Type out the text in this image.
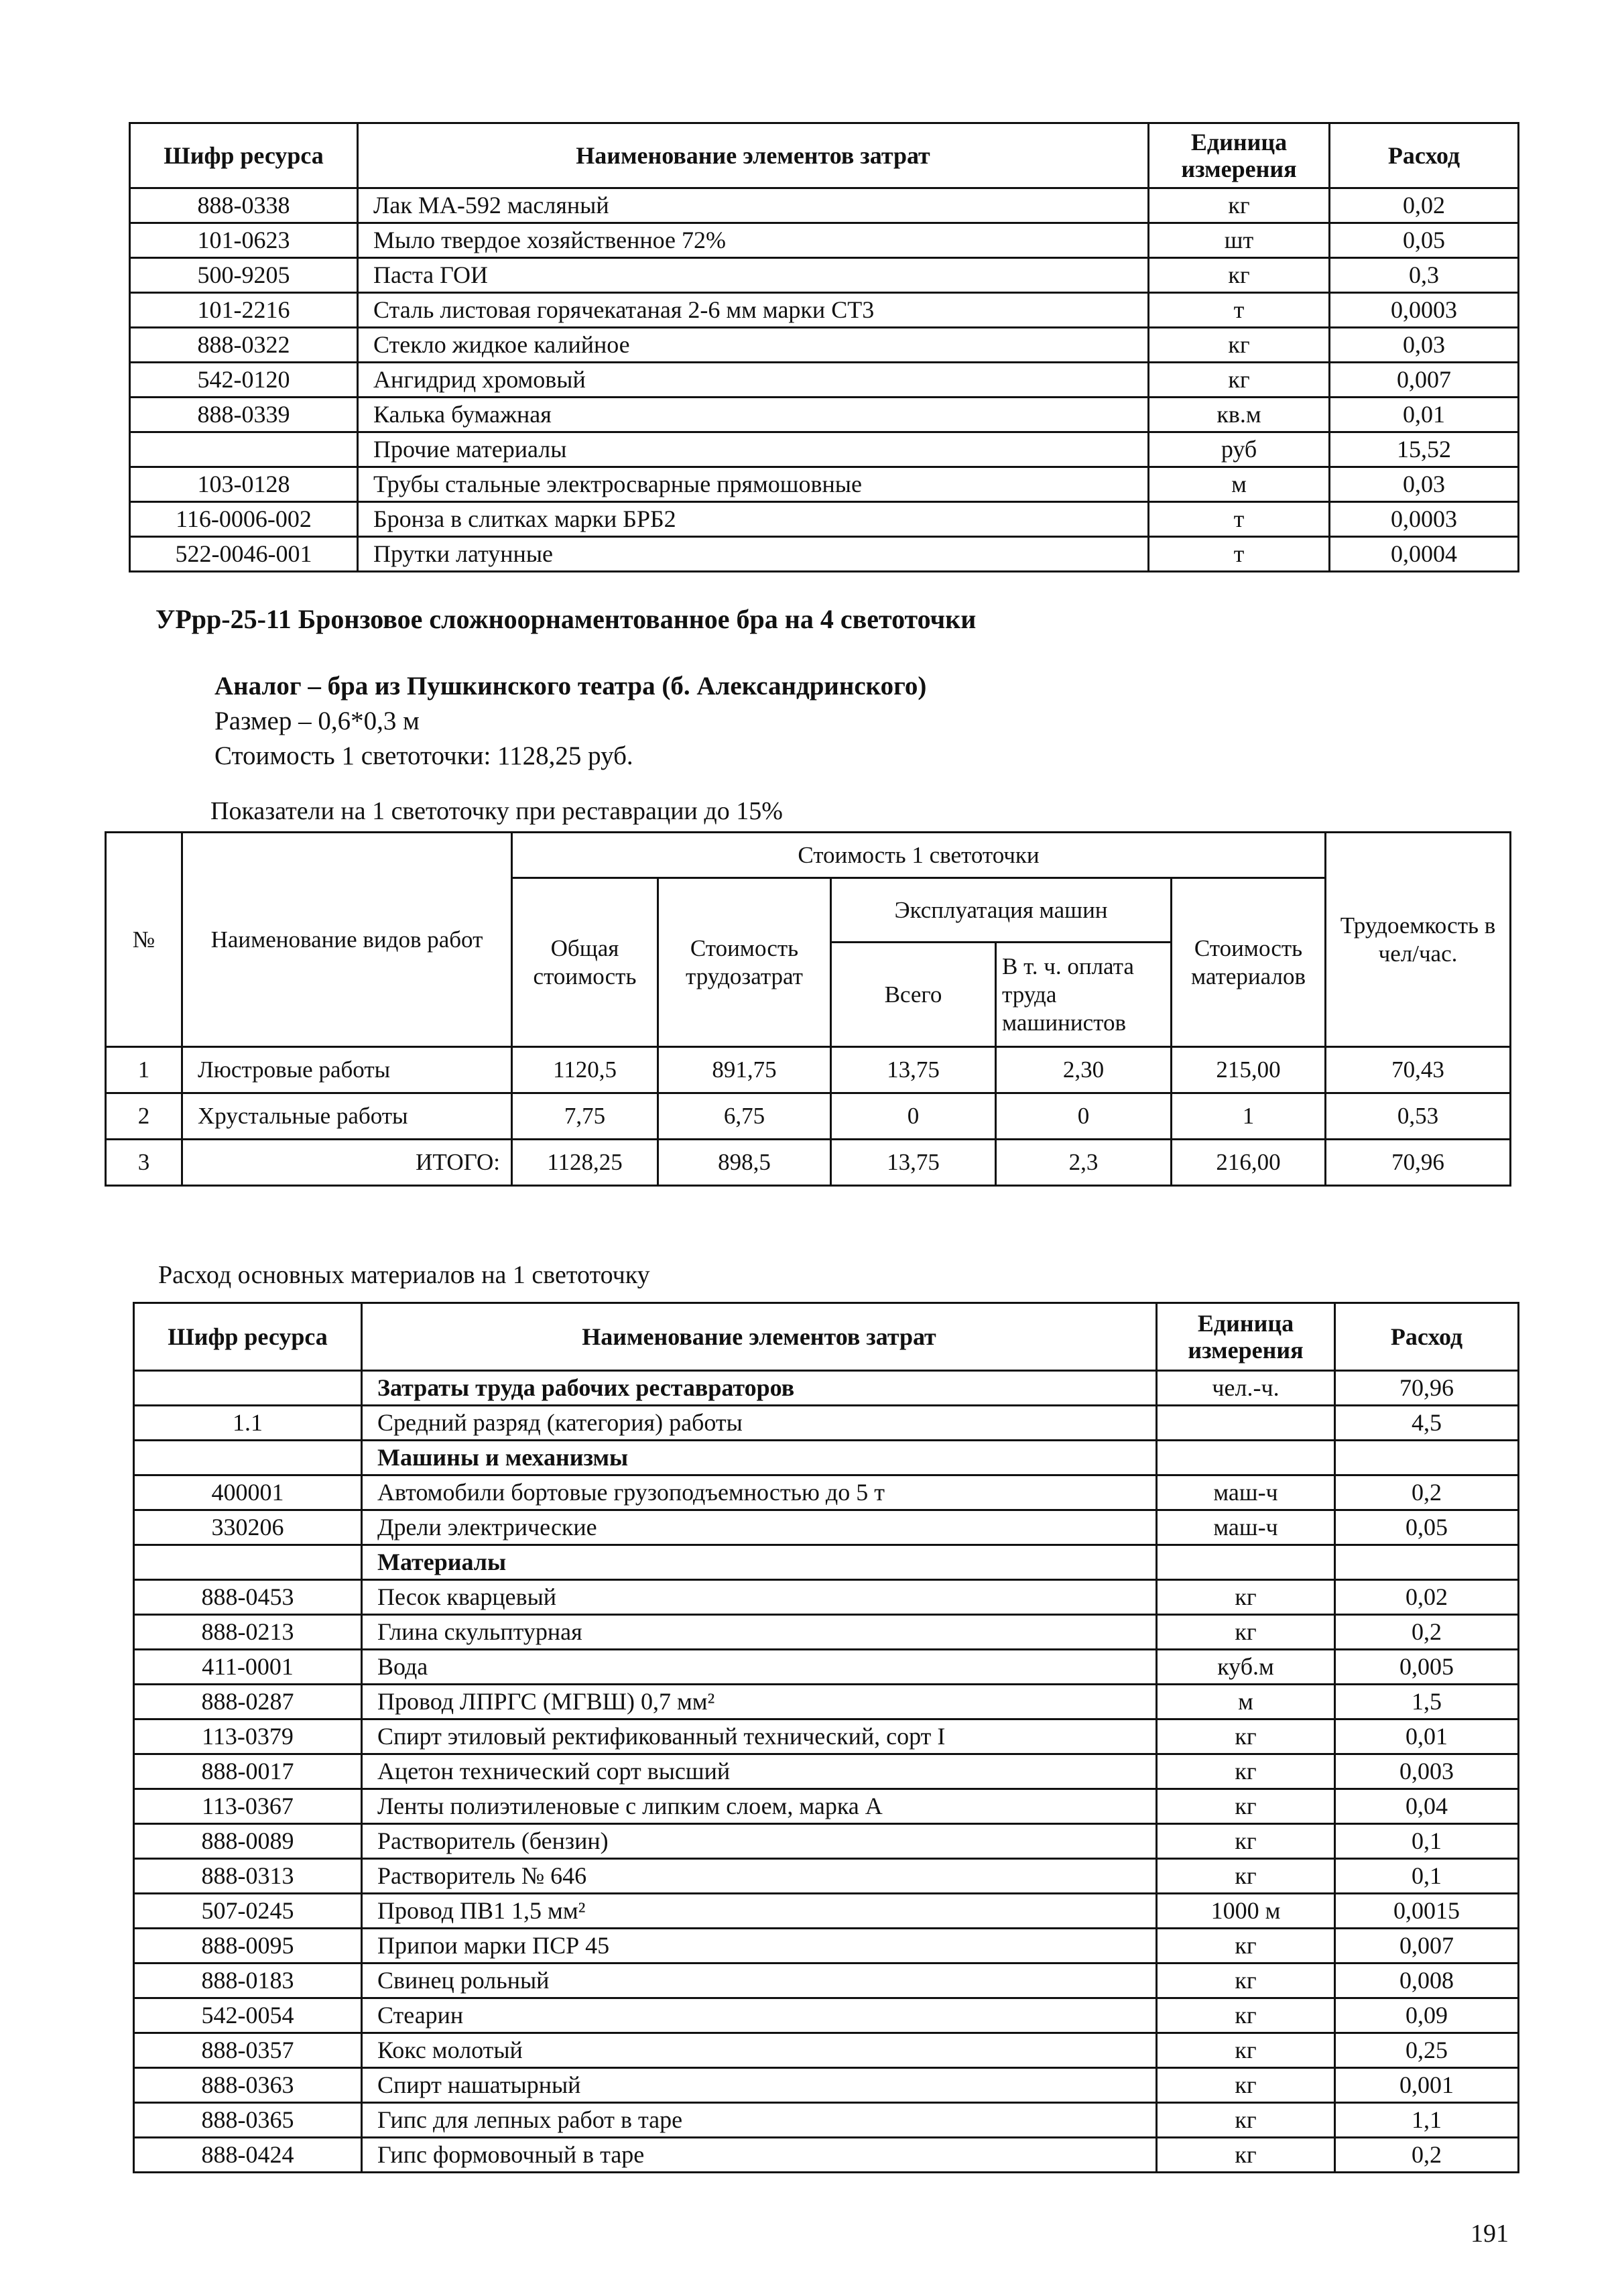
Шифр ресурса	Наименование элементов затрат	Единица измерения	Расход
888-0338	Лак МА-592 масляный	кг	0,02
101-0623	Мыло твердое хозяйственное 72%	шт	0,05
500-9205	Паста ГОИ	кг	0,3
101-2216	Сталь листовая горячекатаная 2-6 мм марки СТ3	т	0,0003
888-0322	Стекло жидкое калийное	кг	0,03
542-0120	Ангидрид хромовый	кг	0,007
888-0339	Калька бумажная	кв.м	0,01
	Прочие материалы	руб	15,52
103-0128	Трубы стальные электросварные прямошовные	м	0,03
116-0006-002	Бронза в слитках марки БРБ2	т	0,0003
522-0046-001	Прутки латунные	т	0,0004
УРрр-25-11 Бронзовое сложноорнаментованное бра на 4 светоточки
Аналог – бра из Пушкинского театра (б. Александринского)
Размер – 0,6*0,3 м
Стоимость 1 светоточки: 1128,25 руб.
Показатели на 1 светоточку при реставрации до 15%
№	Наименование видов работ	Стоимость 1 светоточки					Трудоемкость в чел/час.
		Общая стоимость	Стоимость трудозатрат	Эксплуатация машин		Стоимость материалов	
				Всего	В т. ч. оплата труда машинистов		
1	Люстровые работы	1120,5	891,75	13,75	2,30	215,00	70,43
2	Хрустальные работы	7,75	6,75	0	0	1	0,53
3	ИТОГО:	1128,25	898,5	13,75	2,3	216,00	70,96
Расход основных материалов на 1 светоточку
Шифр ресурса	Наименование элементов затрат	Единица измерения	Расход
	Затраты труда рабочих реставраторов	чел.-ч.	70,96
1.1	Средний разряд (категория) работы		4,5
	Машины и механизмы		
400001	Автомобили бортовые грузоподъемностью до 5 т	маш-ч	0,2
330206	Дрели электрические	маш-ч	0,05
	Материалы		
888-0453	Песок кварцевый	кг	0,02
888-0213	Глина скульптурная	кг	0,2
411-0001	Вода	куб.м	0,005
888-0287	Провод ЛПРГС (МГВШ) 0,7 мм²	м	1,5
113-0379	Спирт этиловый ректификованный технический, сорт I	кг	0,01
888-0017	Ацетон технический сорт высший	кг	0,003
113-0367	Ленты полиэтиленовые с липким слоем, марка А	кг	0,04
888-0089	Растворитель (бензин)	кг	0,1
888-0313	Растворитель № 646	кг	0,1
507-0245	Провод ПВ1 1,5 мм²	1000 м	0,0015
888-0095	Припои марки ПСР 45	кг	0,007
888-0183	Свинец рольный	кг	0,008
542-0054	Стеарин	кг	0,09
888-0357	Кокс молотый	кг	0,25
888-0363	Спирт нашатырный	кг	0,001
888-0365	Гипс для лепных работ в таре	кг	1,1
888-0424	Гипс формовочный в таре	кг	0,2
191
